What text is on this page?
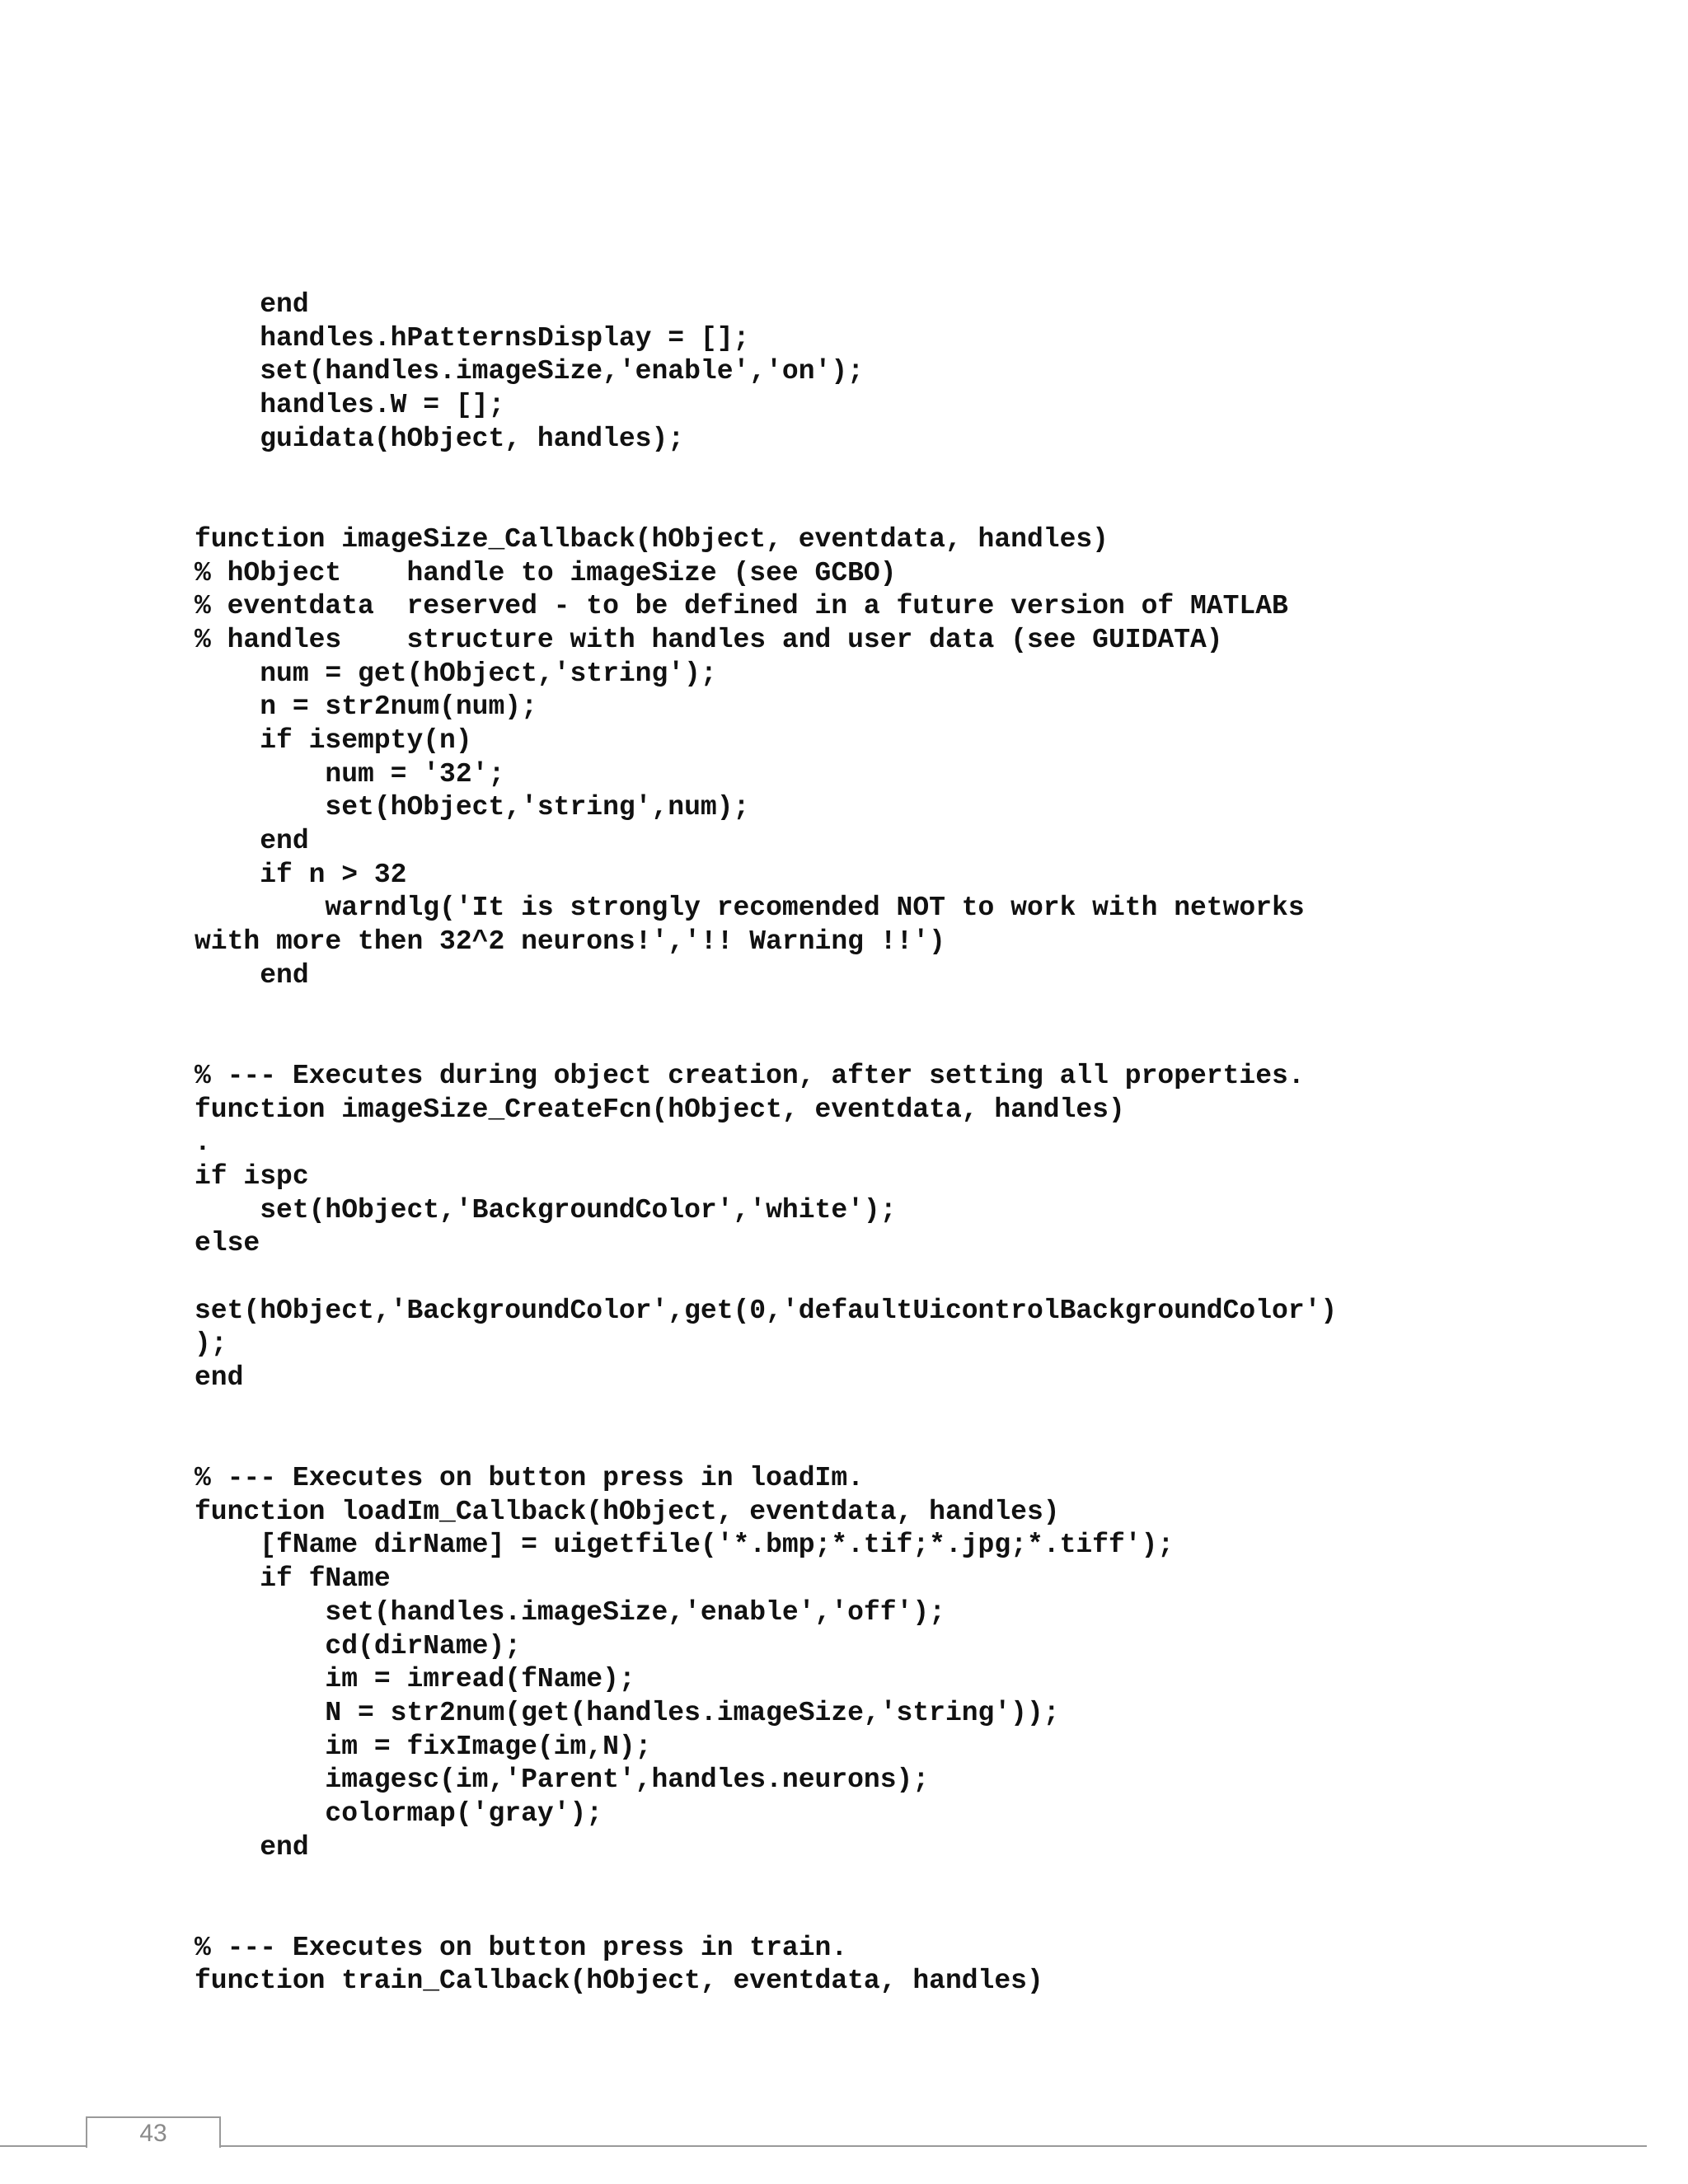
end
handles.hPatternsDisplay = [];
set(handles.imageSize,'enable','on');
handles.W = [];
guidata(hObject, handles);
function imageSize_Callback(hObject, eventdata, handles)
% hObject    handle to imageSize (see GCBO)
% eventdata  reserved - to be defined in a future version of MATLAB
% handles    structure with handles and user data (see GUIDATA)
num = get(hObject,'string');
n = str2num(num);
if isempty(n)
num = '32';
set(hObject,'string',num);
end
if n > 32
warndlg('It is strongly recomended NOT to work with networks
with more then 32^2 neurons!','!! Warning !!')
end
% --- Executes during object creation, after setting all properties.
function imageSize_CreateFcn(hObject, eventdata, handles)
.
if ispc
set(hObject,'BackgroundColor','white');
else
set(hObject,'BackgroundColor',get(0,'defaultUicontrolBackgroundColor')
);
end
% --- Executes on button press in loadIm.
function loadIm_Callback(hObject, eventdata, handles)
[fName dirName] = uigetfile('*.bmp;*.tif;*.jpg;*.tiff');
if fName
set(handles.imageSize,'enable','off');
cd(dirName);
im = imread(fName);
N = str2num(get(handles.imageSize,'string'));
im = fixImage(im,N);
imagesc(im,'Parent',handles.neurons);
colormap('gray');
end
% --- Executes on button press in train.
function train_Callback(hObject, eventdata, handles)
43
